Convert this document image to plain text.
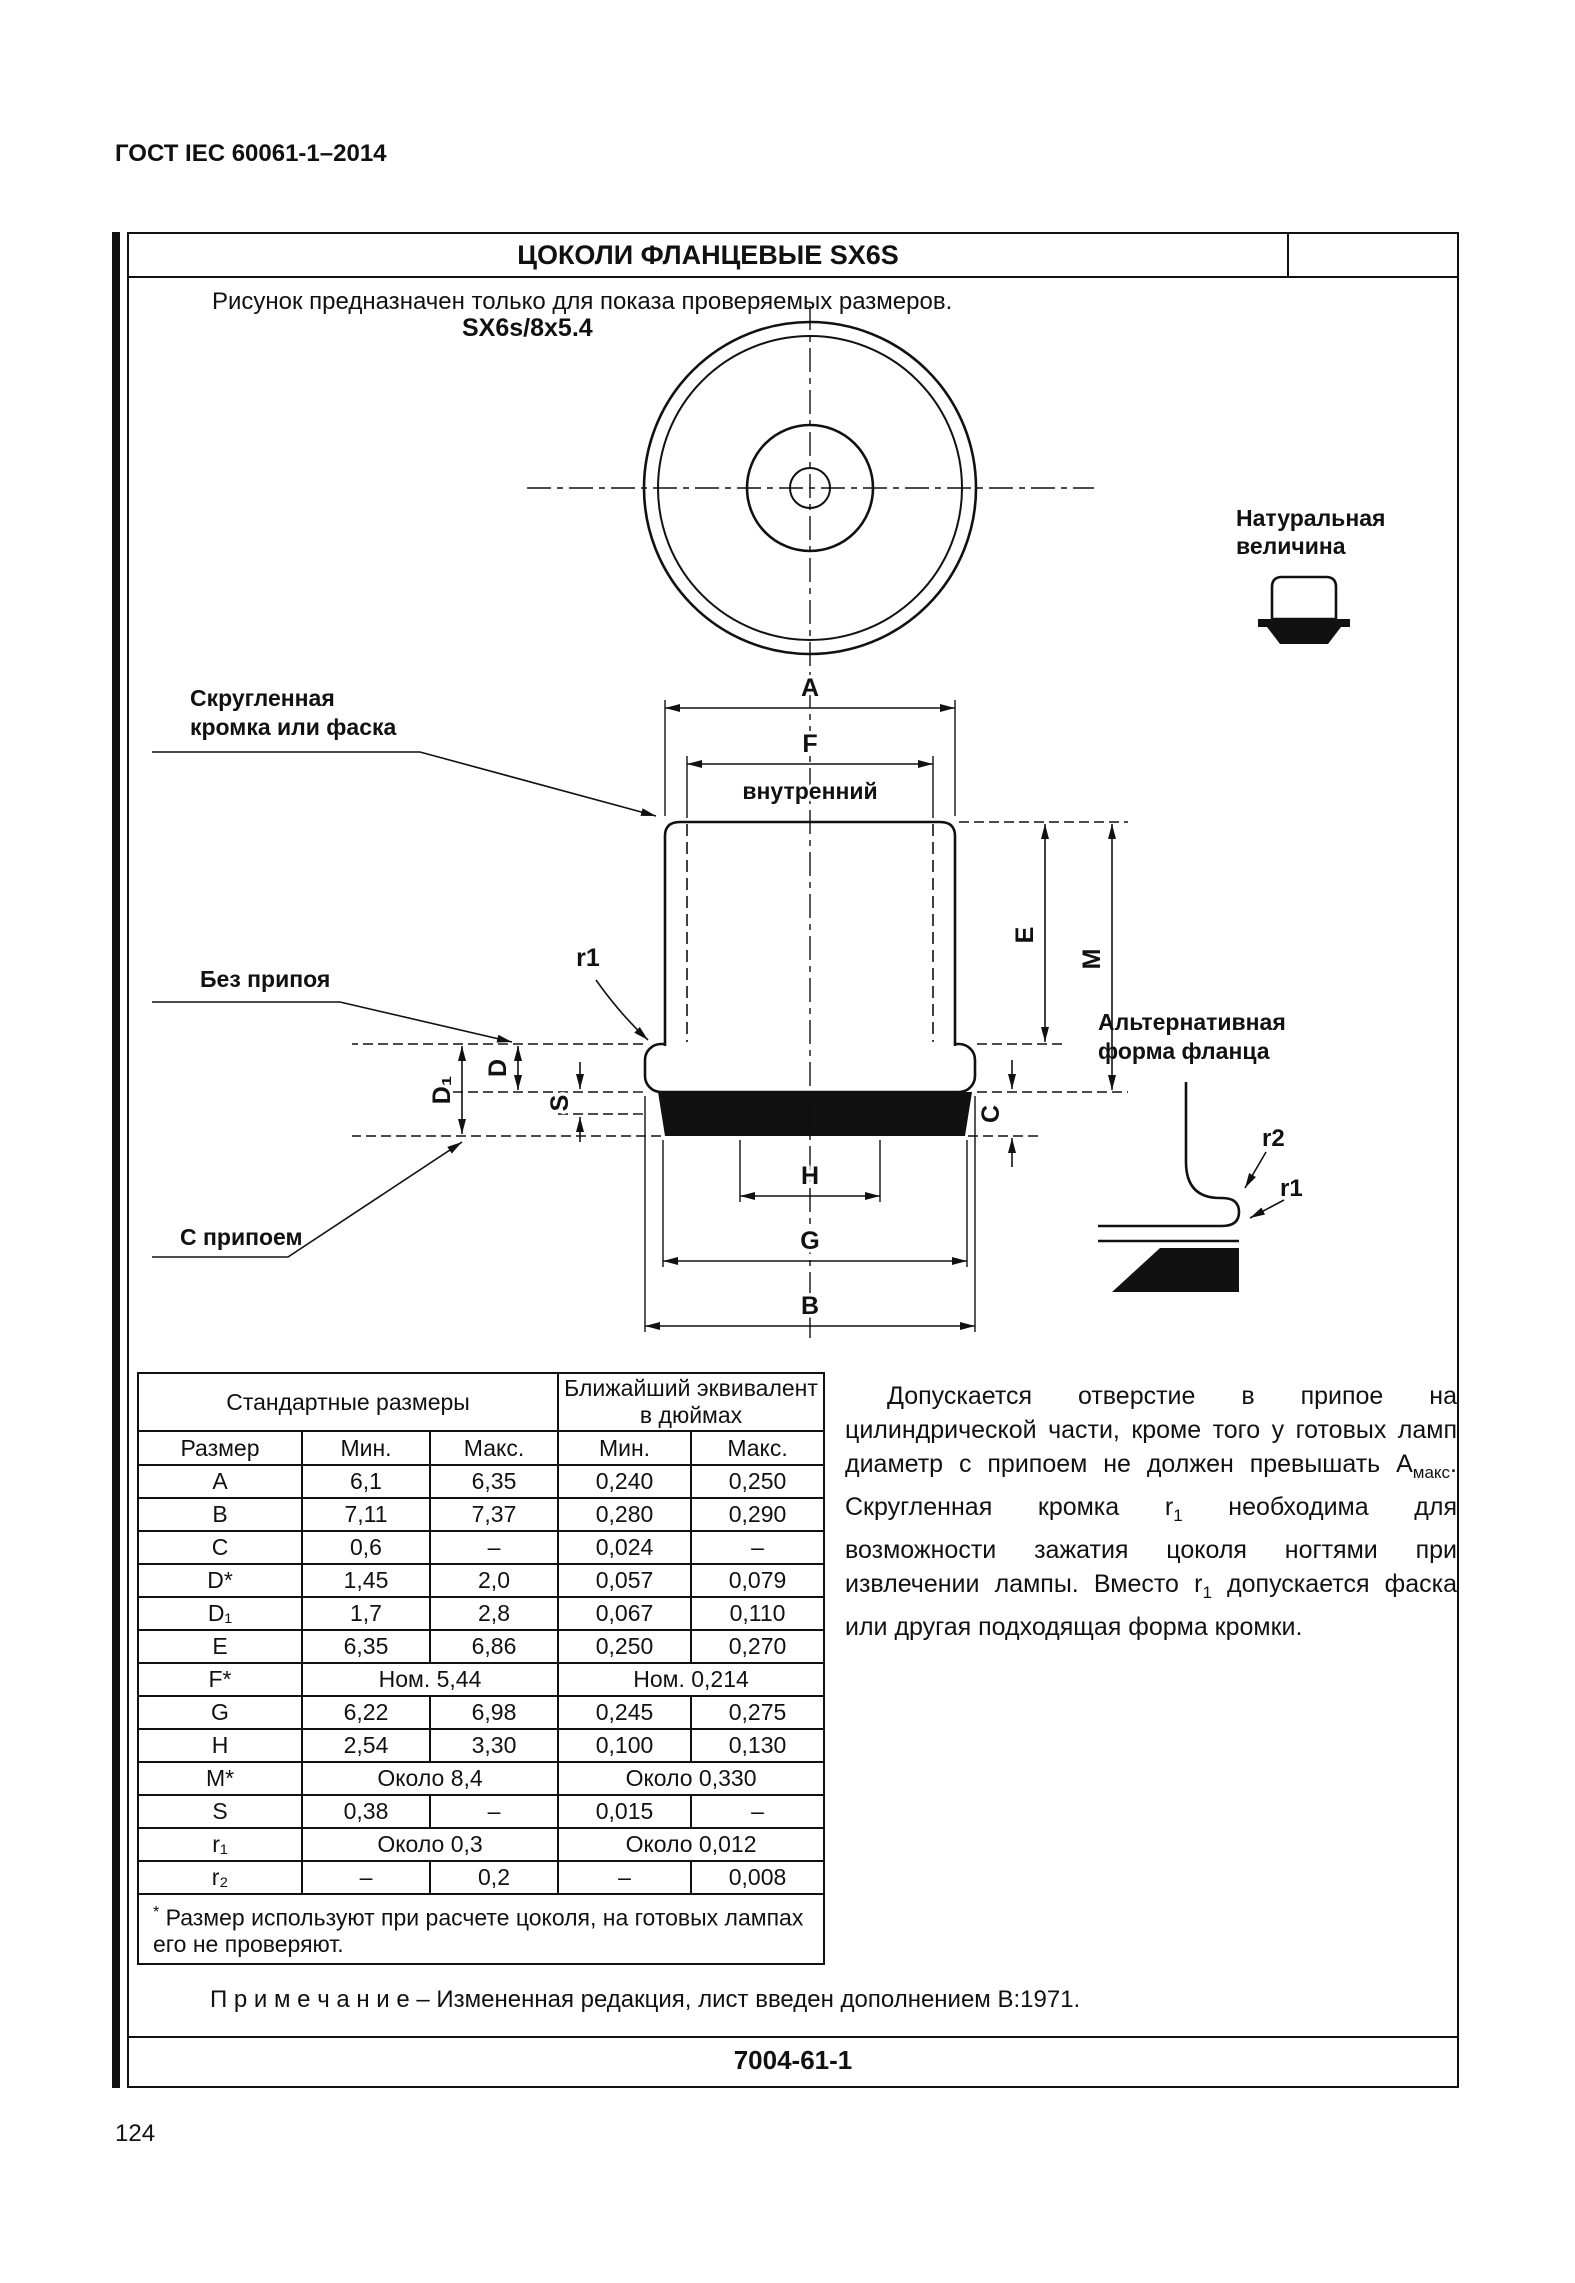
ГОСТ IEC 60061-1–2014
ЦОКОЛИ ФЛАНЦЕВЫЕ SX6S
Рисунок предназначен только для показа проверяемых размеров.
A
F
внутренний
E
M
C
S
D
D₁
H
G
B
r1
r2
r1
SX6s/8x5.4
Натуральная величина
Скругленная кромка или фаска
Без припоя
С припоем
Альтернативная форма фланца
Стандартные размеры			Ближайший эквивалент в дюймах	
Размер	Мин.	Макс.	Мин.	Макс.
A	6,1	6,35	0,240	0,250
B	7,11	7,37	0,280	0,290
C	0,6	–	0,024	–
D*	1,45	2,0	0,057	0,079
D₁	1,7	2,8	0,067	0,110
E	6,35	6,86	0,250	0,270
F*	Ном. 5,44		Ном. 0,214	
G	6,22	6,98	0,245	0,275
H	2,54	3,30	0,100	0,130
M*	Около 8,4		Около 0,330	
S	0,38	–	0,015	–
r₁	Около 0,3		Около 0,012	
r₂	–	0,2	–	0,008
* Размер используют при расчете цоколя, на готовых лампах его не проверяют.				
Допускается отверстие в припое на цилиндрической части, кроме того у готовых ламп диаметр с припоем не должен превышать $А_{макс}$. Скругленная кромка $r_1$ необходима для возможности зажатия цоколя ногтями при извлечении лампы. Вместо $r_1$ допускается фаска или другая подходящая форма кромки.
П р и м е ч а н и е – Измененная редакция, лист введен дополнением B:1971.
7004-61-1
124
